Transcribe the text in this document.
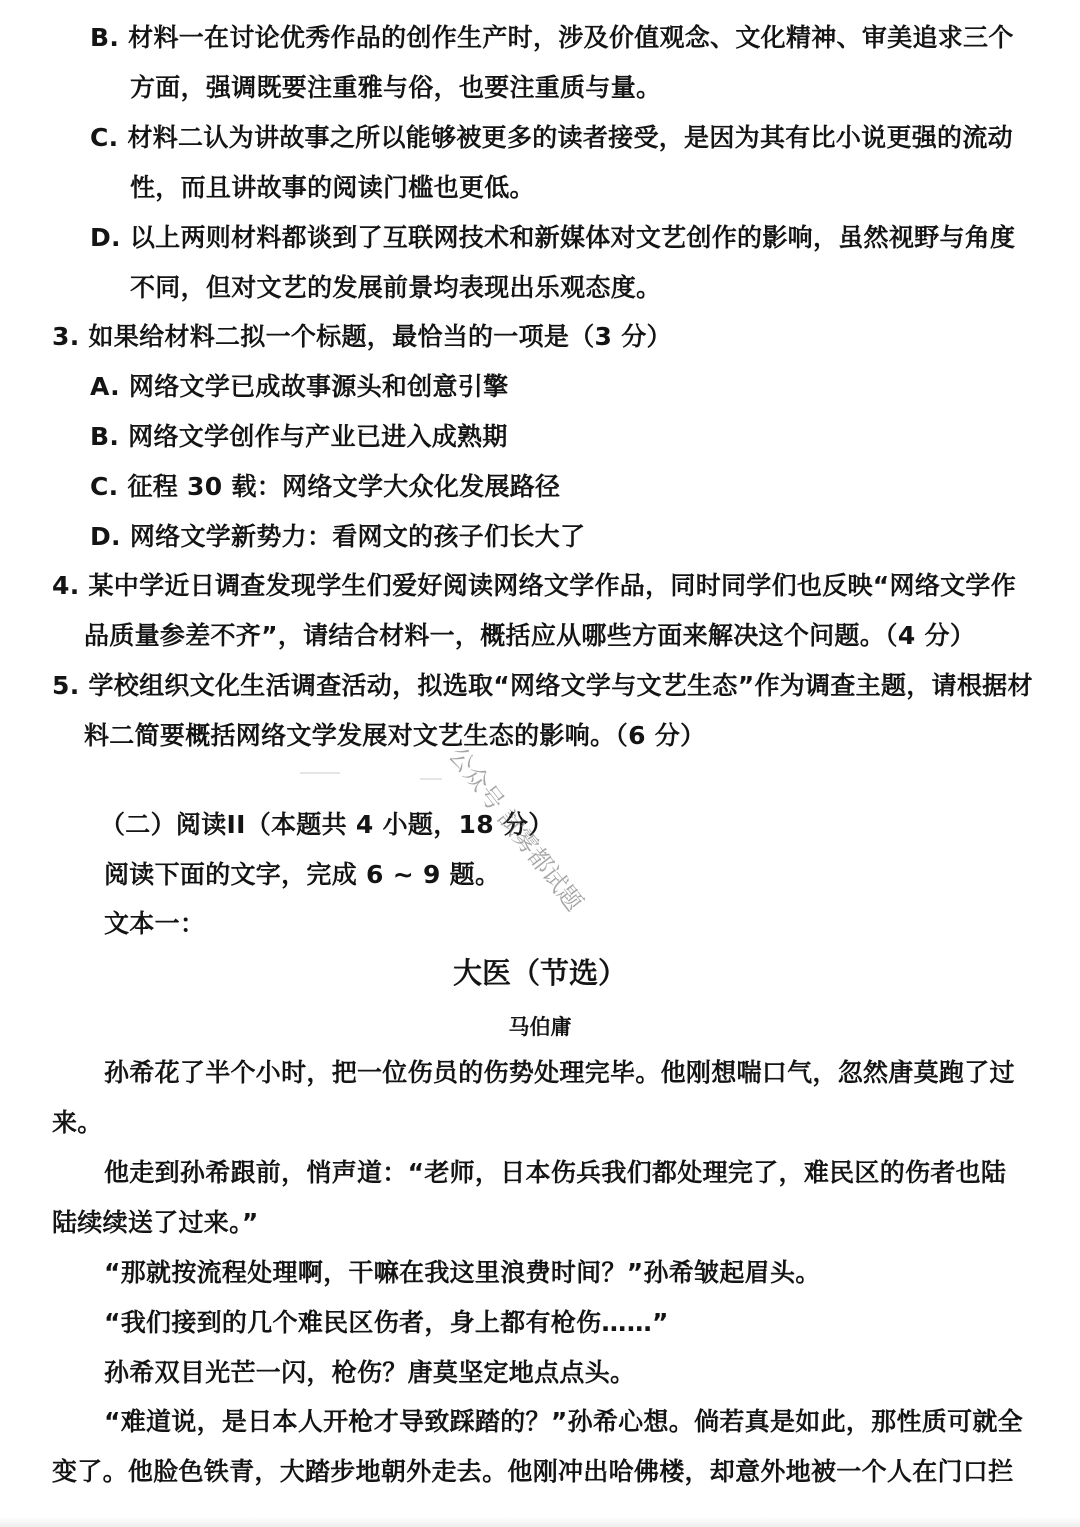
B. 材料一在讨论优秀作品的创作生产时，涉及价值观念、文化精神、审美追求三个
方面，强调既要注重雅与俗，也要注重质与量。
C. 材料二认为讲故事之所以能够被更多的读者接受，是因为其有比小说更强的流动
性，而且讲故事的阅读门槛也更低。
D. 以上两则材料都谈到了互联网技术和新媒体对文艺创作的影响，虽然视野与角度
不同，但对文艺的发展前景均表现出乐观态度。
3. 如果给材料二拟一个标题，最恰当的一项是（3 分）
A. 网络文学已成故事源头和创意引擎
B. 网络文学创作与产业已进入成熟期
C. 征程 30 载：网络文学大众化发展路径
D. 网络文学新势力：看网文的孩子们长大了
4. 某中学近日调查发现学生们爱好阅读网络文学作品，同时同学们也反映“网络文学作
品质量参差不齐”，请结合材料一，概括应从哪些方面来解决这个问题。（4 分）
5. 学校组织文化生活调查活动，拟选取“网络文学与文艺生态”作为调查主题，请根据材
料二简要概括网络文学发展对文艺生态的影响。（6 分）
（二）阅读II（本题共 4 小题，18 分）
阅读下面的文字，完成 6 ~ 9 题。
文本一：
大医（节选）
马伯庸
孙希花了半个小时，把一位伤员的伤势处理完毕。他刚想喘口气，忽然唐莫跑了过
来。
他走到孙希跟前，悄声道：“老师，日本伤兵我们都处理完了，难民区的伤者也陆
陆续续送了过来。”
“那就按流程处理啊，干嘛在我这里浪费时间？”孙希皱起眉头。
“我们接到的几个难民区伤者，身上都有枪伤……”
孙希双目光芒一闪，枪伤？唐莫坚定地点点头。
“难道说，是日本人开枪才导致踩踏的？”孙希心想。倘若真是如此，那性质可就全
变了。他脸色铁青，大踏步地朝外走去。他刚冲出哈佛楼，却意外地被一个人在门口拦
公众号 試雾都试题
